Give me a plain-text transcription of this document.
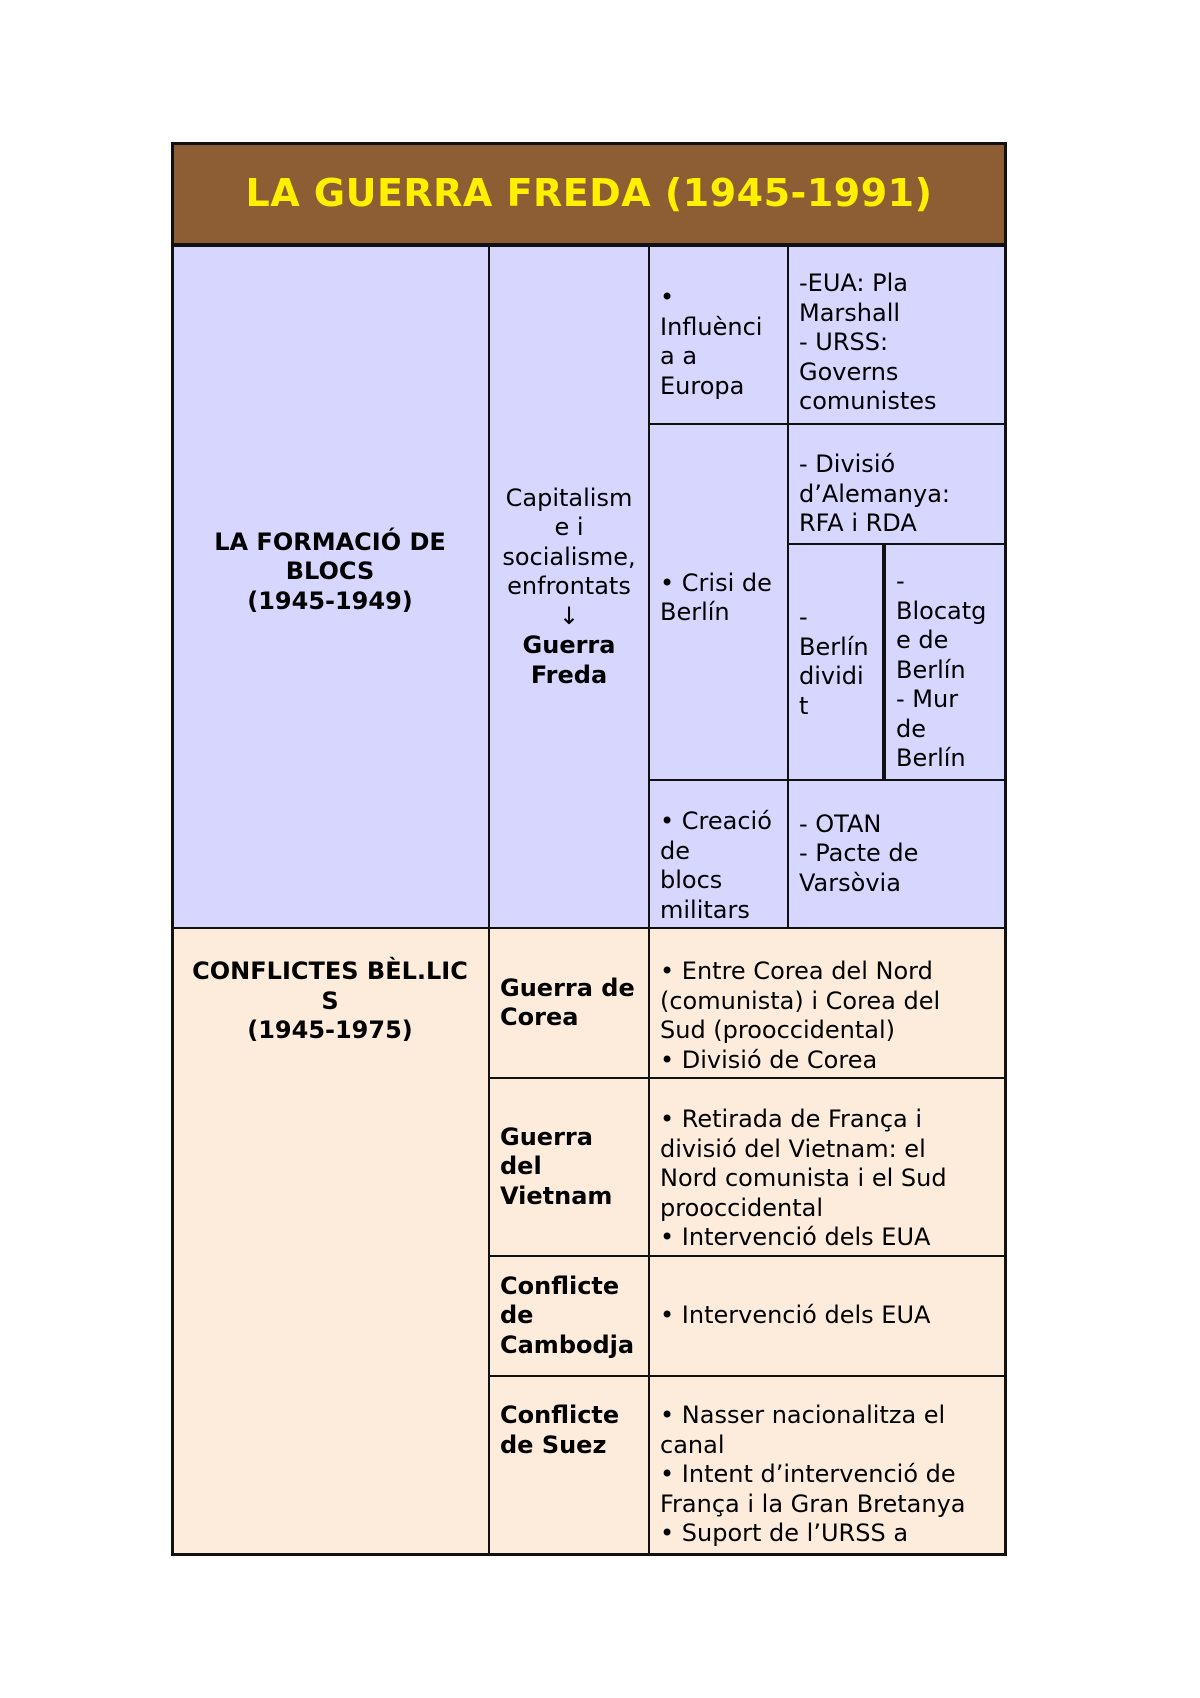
LA GUERRA FREDA (1945-1991)
LA FORMACIÓ DE
BLOCS
(1945-1949)
Capitalism
e i
socialisme,
enfrontats
↓
Guerra
Freda
•
Influènci
a a
Europa
-EUA: Pla
Marshall
- URSS:
Governs
comunistes
• Crisi de
Berlín
- Divisió
d’Alemanya:
RFA i RDA
-
Berlín
dividi
t
-
Blocatg
e de
Berlín
- Mur
de
Berlín
• Creació
de
blocs
militars
- OTAN
- Pacte de
Varsòvia
CONFLICTES BÈL.LIC
S
(1945-1975)
Guerra de
Corea
• Entre Corea del Nord
(comunista) i Corea del
Sud (prooccidental)
• Divisió de Corea
Guerra
del
Vietnam
• Retirada de França i
divisió del Vietnam: el
Nord comunista i el Sud
prooccidental
• Intervenció dels EUA
Conflicte
de
Cambodja
• Intervenció dels EUA
Conflicte
de Suez
• Nasser nacionalitza el
canal
• Intent d’intervenció de
França i la Gran Bretanya
• Suport de l’URSS a
